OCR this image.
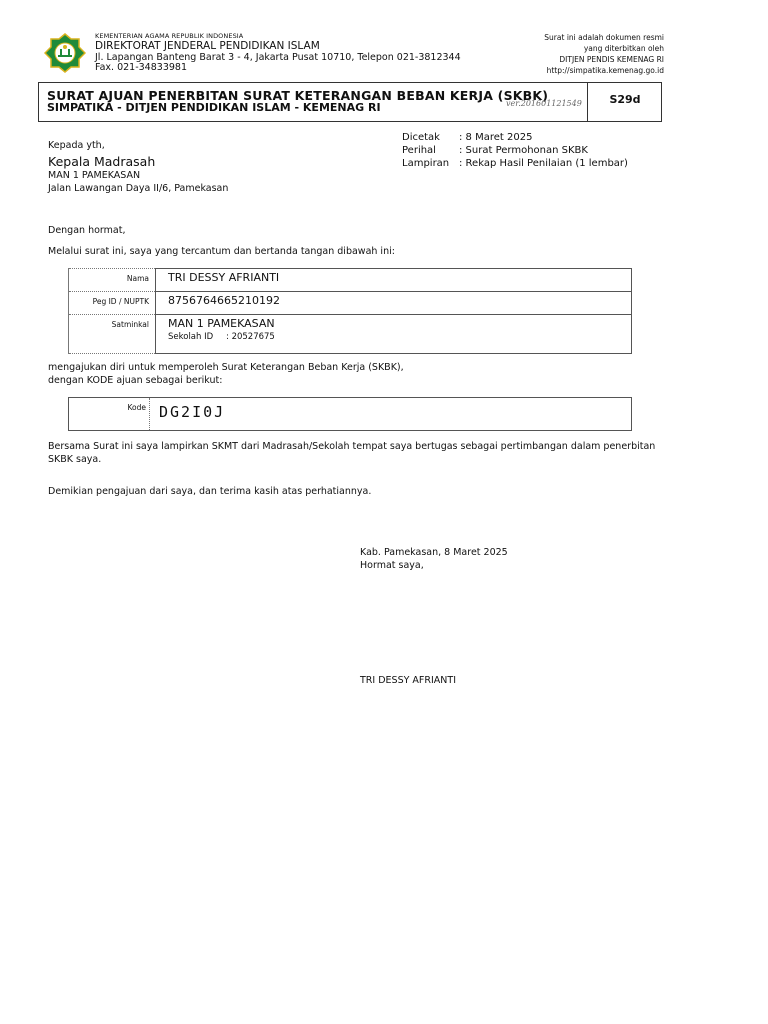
KEMENTERIAN AGAMA REPUBLIK INDONESIA
DIREKTORAT JENDERAL PENDIDIKAN ISLAM
Jl. Lapangan Banteng Barat 3 - 4, Jakarta Pusat 10710, Telepon 021-3812344
Fax. 021-34833981
Surat ini adalah dokumen resmi
yang diterbitkan oleh
DITJEN PENDIS KEMENAG RI
http://simpatika.kemenag.go.id
SURAT AJUAN PENERBITAN SURAT KETERANGAN BEBAN KERJA (SKBK)
SIMPATIKA - DITJEN PENDIDIKAN ISLAM - KEMENAG RI	ver.201601121549	S29d
Dicetak : 8 Maret 2025
Perihal : Surat Permohonan SKBK
Lampiran : Rekap Hasil Penilaian (1 lembar)
Kepada yth,
Kepala Madrasah
MAN 1 PAMEKASAN
Jalan Lawangan Daya II/6, Pamekasan
Dengan hormat,
Melalui surat ini, saya yang tercantum dan bertanda tangan dibawah ini:
Nama	TRI DESSY AFRIANTI
Peg ID / NUPTK	8756764665210192
Satminkal	MAN 1 PAMEKASAN
Sekolah ID : 20527675
mengajukan diri untuk memperoleh Surat Keterangan Beban Kerja (SKBK),
dengan KODE ajuan sebagai berikut:
Kode DG2I0J
Bersama Surat ini saya lampirkan SKMT dari Madrasah/Sekolah tempat saya bertugas sebagai pertimbangan dalam penerbitan
SKBK saya.
Demikian pengajuan dari saya, dan terima kasih atas perhatiannya.
Kab. Pamekasan, 8 Maret 2025
Hormat saya,
TRI DESSY AFRIANTI
